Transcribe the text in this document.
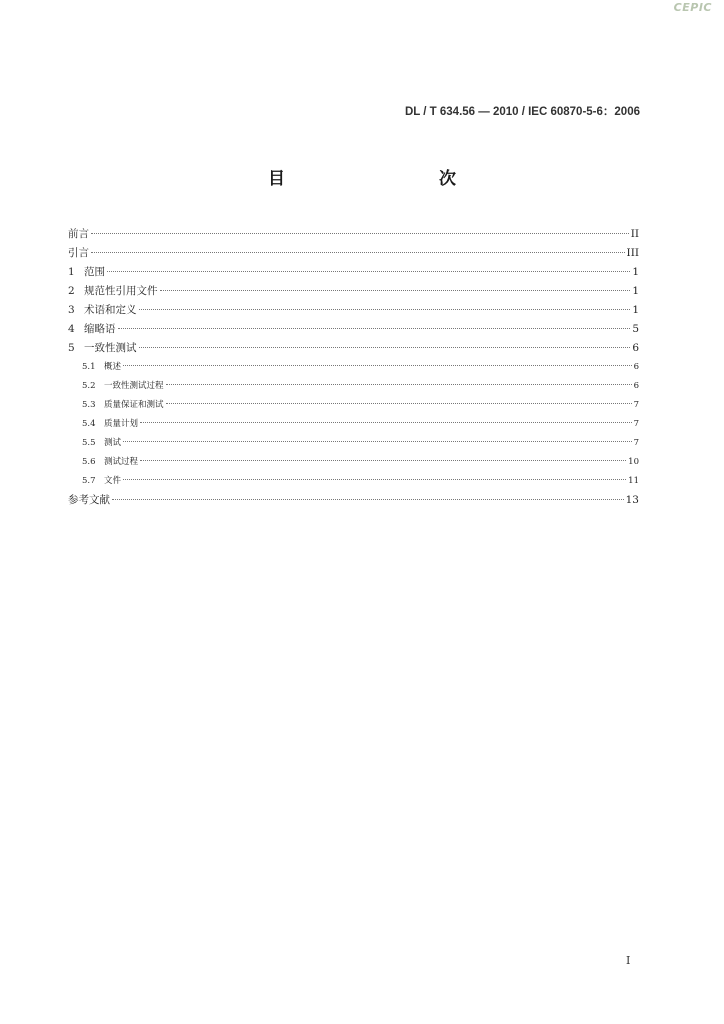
CEPIC
DL / T 634.56 — 2010 / IEC 60870-5-6：2006
目　　次
前言	II
引言	III
1 范围	1
2 规范性引用文件	1
3 术语和定义	1
4 缩略语	5
5 一致性测试	6
5.1 概述	6
5.2 一致性测试过程	6
5.3 质量保证和测试	7
5.4 质量计划	7
5.5 测试	7
5.6 测试过程	10
5.7 文件	11
参考文献	13
I
